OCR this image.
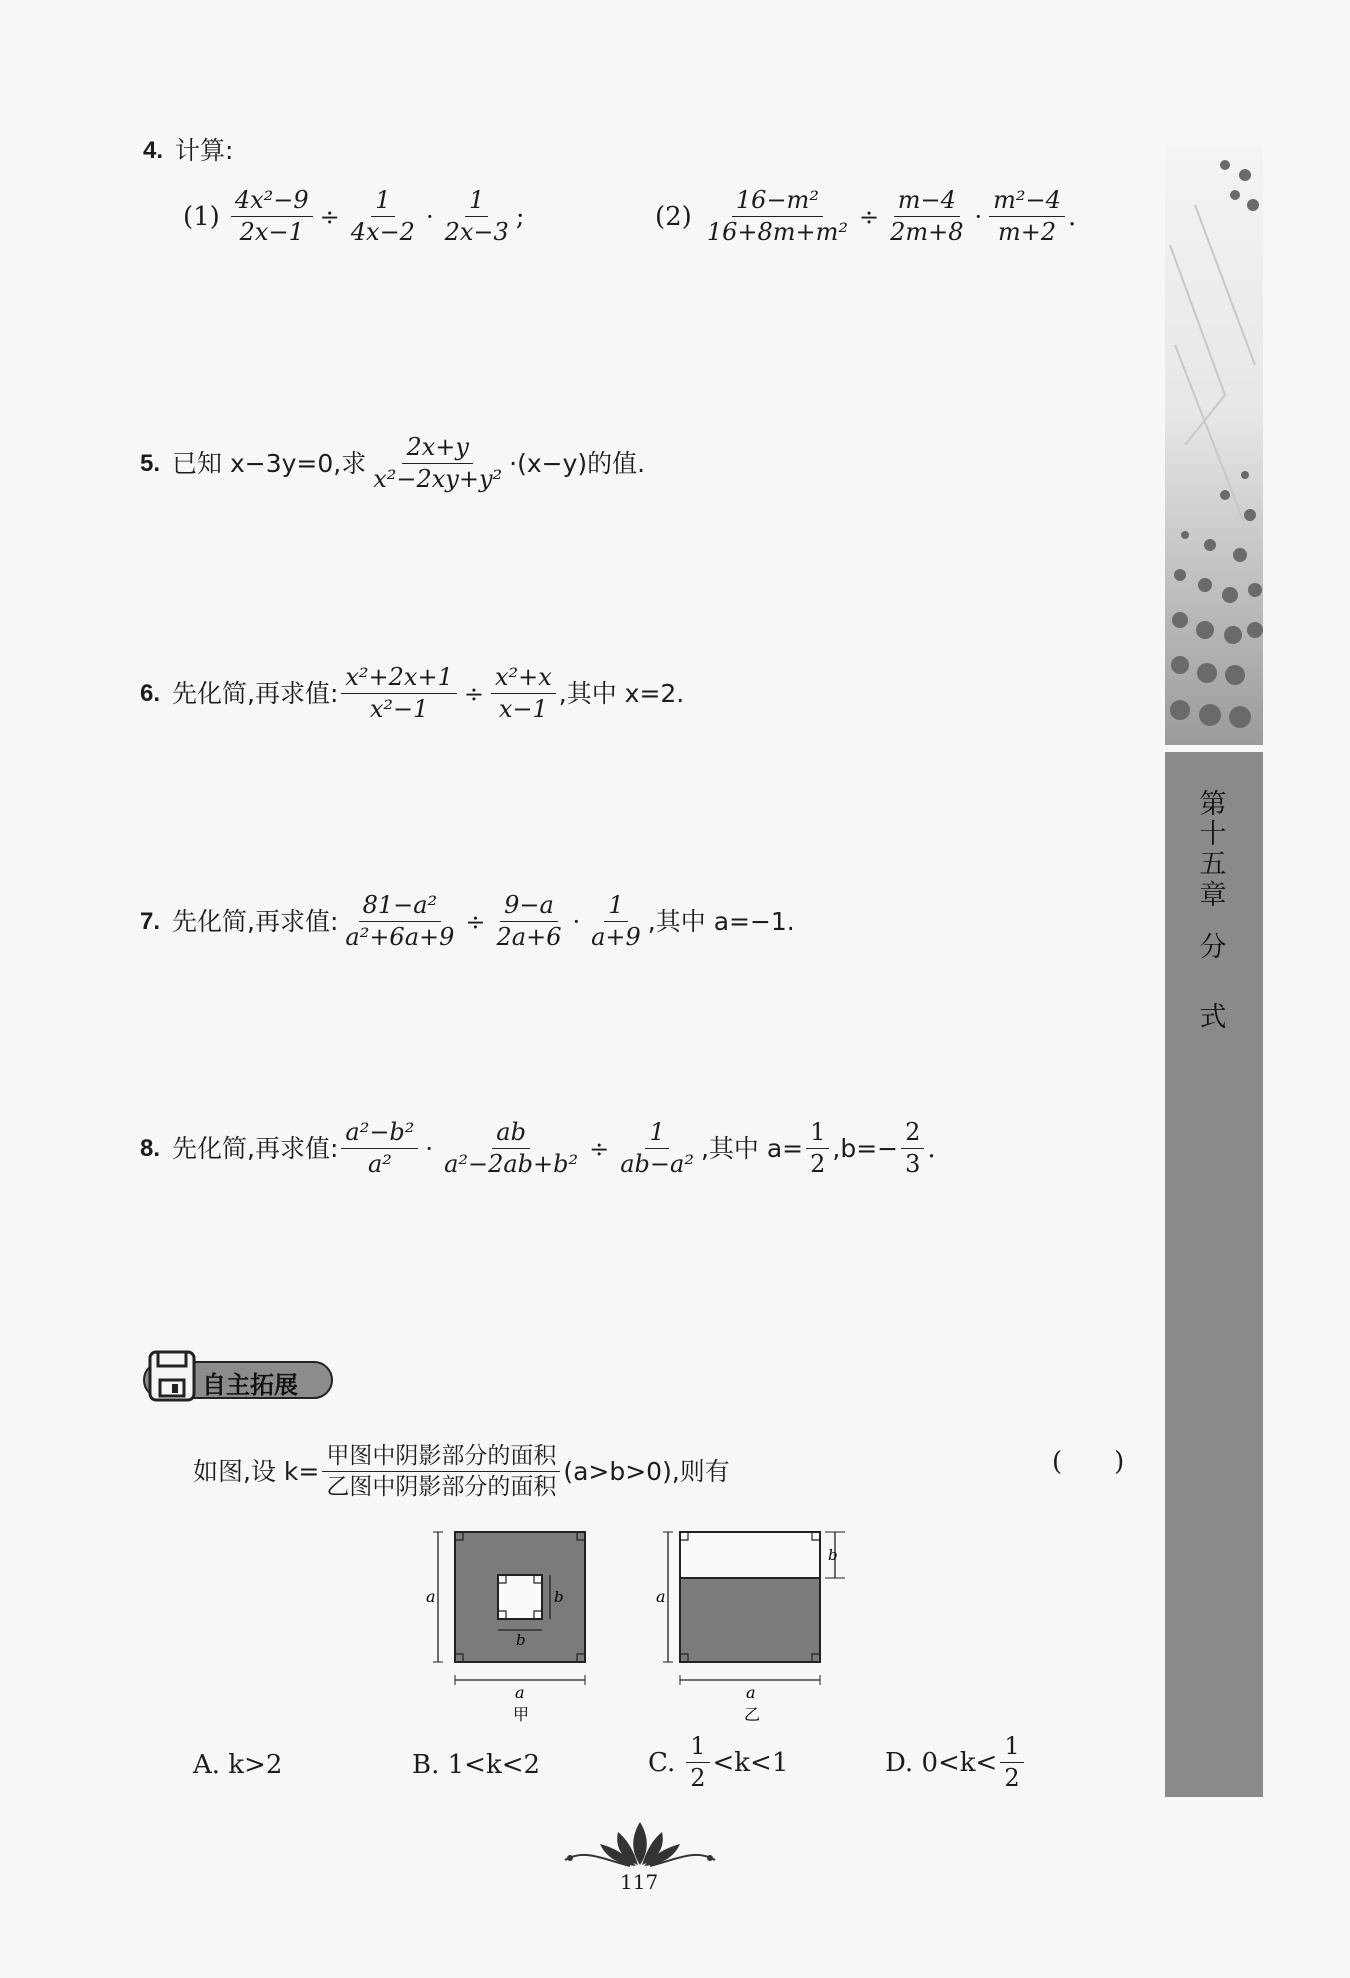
第
十
五
章
分
式
4. 计算:
$(1) \frac{\text{4x²−9}}{2x-1} \div \frac{1}{4x-2} \cdot \frac{1}{2x-3}$ ;	$(2) \frac{\text{16−m²}}{\text{16+8m+m²}} \div \frac{m-4}{2m+8} \cdot \frac{\text{m²−4}}{m+2}$ .
5. 已知 x−3y=0,求 $\frac{2x+y}{\text{x²−2xy+y²}} \cdot(x-y)$的值.
6. 先化简,再求值: $\frac{\text{x²+2x+1}}{\text{x²−1}} \div \frac{\text{x²+x}}{x-1}$ ,其中 x=2.
7. 先化简,再求值: $\frac{\text{81−a²}}{\text{a²+6a+9}} \div \frac{9-a}{2a+6} \cdot \frac{1}{a+9}$ ,其中 a=−1.
8. 先化简,再求值: $\frac{\text{a²−b²}}{\text{a²}} \cdot \frac{ab}{\text{a²−2ab+b²}} \div \frac{1}{\text{ab−a²}}$ ,其中 $a= \frac{1}{2} ,b=- \frac{2}{3}$ .
自主拓展
如图,设 $k= \frac{\text{甲图中阴影部分的面积}}{\text{乙图中阴影部分的面积}} (a>b>0)$,则有	(　　)
a
a
b
b
甲
a
a
b
乙
A. k>2	B. 1<k<2	C. $\frac{1}{2} <k<1$	D. $0<k< \frac{1}{2}$
117
